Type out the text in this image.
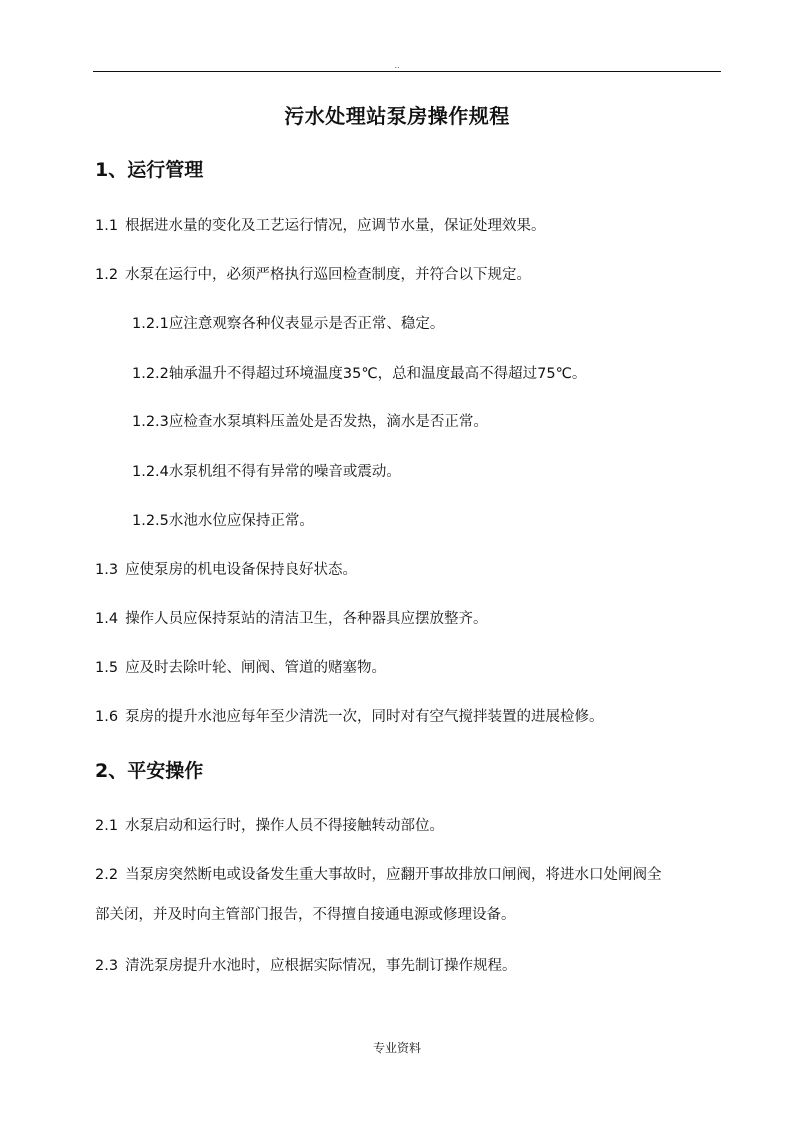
..
污水处理站泵房操作规程
1、运行管理
1.1 根据进水量的变化及工艺运行情况，应调节水量，保证处理效果。
1.2 水泵在运行中，必须严格执行巡回检查制度，并符合以下规定。
1.2.1应注意观察各种仪表显示是否正常、稳定。
1.2.2轴承温升不得超过环境温度35℃，总和温度最高不得超过75℃。
1.2.3应检查水泵填料压盖处是否发热，滴水是否正常。
1.2.4水泵机组不得有异常的噪音或震动。
1.2.5水池水位应保持正常。
1.3 应使泵房的机电设备保持良好状态。
1.4 操作人员应保持泵站的清洁卫生，各种器具应摆放整齐。
1.5 应及时去除叶轮、闸阀、管道的赌塞物。
1.6 泵房的提升水池应每年至少清洗一次，同时对有空气搅拌装置的进展检修。
2、平安操作
2.1 水泵启动和运行时，操作人员不得接触转动部位。
2.2 当泵房突然断电或设备发生重大事故时，应翻开事故排放口闸阀，将进水口处闸阀全
部关闭，并及时向主管部门报告，不得擅自接通电源或修理设备。
2.3 清洗泵房提升水池时，应根据实际情况，事先制订操作规程。
专业资料
